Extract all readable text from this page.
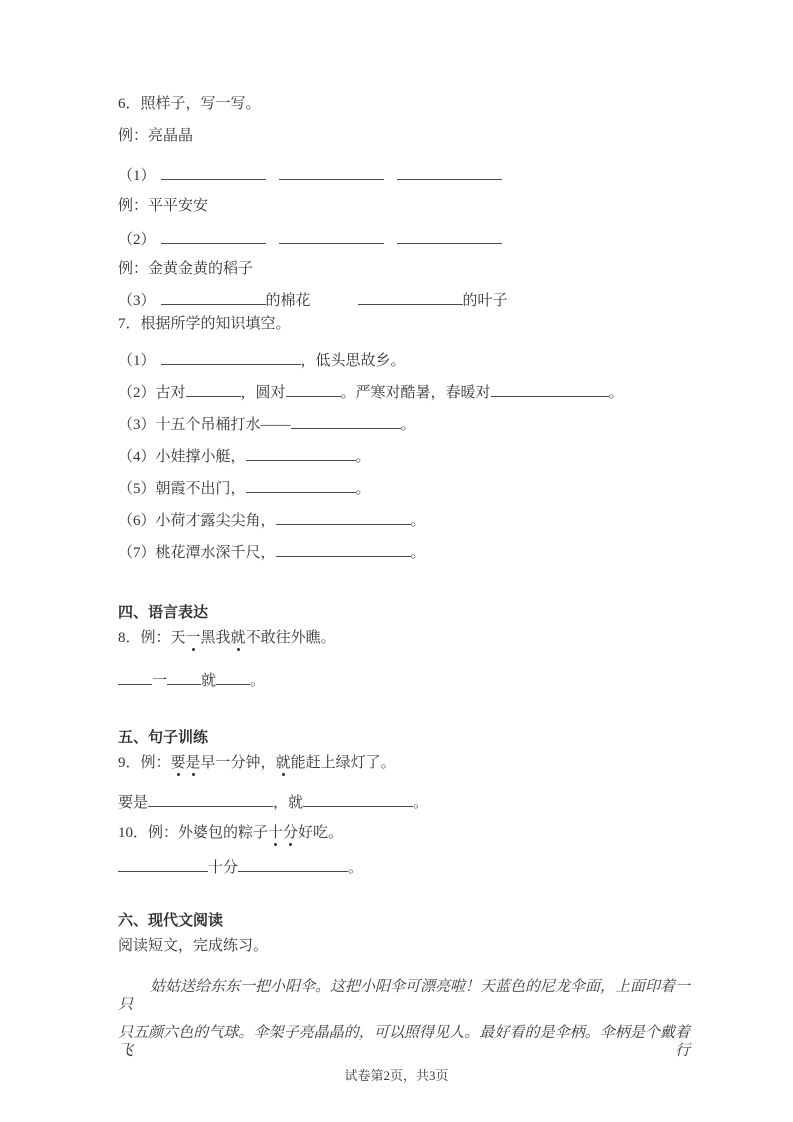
6．照样子，写一写。
例：亮晶晶
（1）
例：平平安安
（2）
例：金黄金黄的稻子
（3）	的棉花	的叶子
7．根据所学的知识填空。
（1）	，低头思故乡。
（2）古对	，圆对	。严寒对酷暑，春暖对	。
（3）十五个吊桶打水——	。
（4）小娃撑小艇，	。
（5）朝霞不出门，	。
（6）小荷才露尖尖角，	。
（7）桃花潭水深千尺，	。
四、语言表达
8．例：天一
黑我就
不敢往外瞧。
一 就 。
五、句子训练
9．例：要
是
早一分钟，就
能赶上绿灯了。
要是	，就	。
10．例：外婆包的粽子十
分
好吃。
十分	。
六、现代文阅读
阅读短文，完成练习。
姑姑送给东东一把小阳伞。这把小阳伞可漂亮啦！天蓝色的尼龙伞面，上面印着一只
只五颜六色的气球。伞架子亮晶晶的，可以照得见人。最好看的是伞柄。伞柄是个戴着飞行
试卷第2页，共3页
